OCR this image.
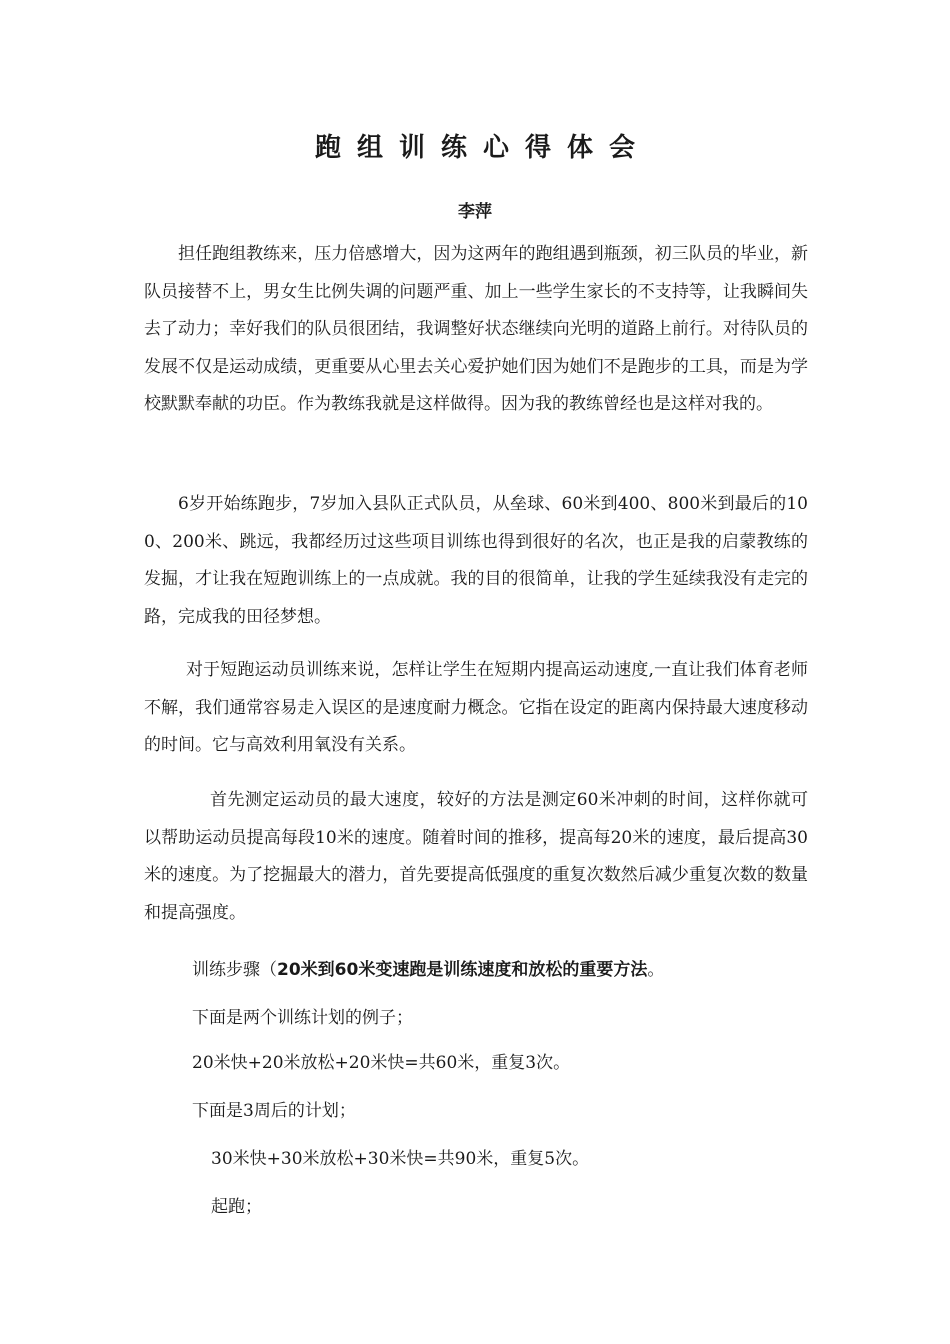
跑组训练心得体会
李萍
担任跑组教练来，压力倍感增大，因为这两年的跑组遇到瓶颈，初三队员的毕业，新队员接替不上，男女生比例失调的问题严重、加上一些学生家长的不支持等，让我瞬间失去了动力；幸好我们的队员很团结，我调整好状态继续向光明的道路上前行。对待队员的发展不仅是运动成绩，更重要从心里去关心爱护她们因为她们不是跑步的工具，而是为学校默默奉献的功臣。作为教练我就是这样做得。因为我的教练曾经也是这样对我的。
6岁开始练跑步，7岁加入县队正式队员，从垒球、60米到400、800米到最后的100、200米、跳远，我都经历过这些项目训练也得到很好的名次，也正是我的启蒙教练的发掘，才让我在短跑训练上的一点成就。我的目的很简单，让我的学生延续我没有走完的路，完成我的田径梦想。
对于短跑运动员训练来说，怎样让学生在短期内提高运动速度,一直让我们体育老师不解，我们通常容易走入误区的是速度耐力概念。它指在设定的距离内保持最大速度移动的时间。它与高效利用氧没有关系。
首先测定运动员的最大速度，较好的方法是测定60米冲刺的时间，这样你就可以帮助运动员提高每段10米的速度。随着时间的推移，提高每20米的速度，最后提高30米的速度。为了挖掘最大的潜力，首先要提高低强度的重复次数然后减少重复次数的数量和提高强度。
训练步骤（20米到60米变速跑是训练速度和放松的重要方法。
下面是两个训练计划的例子；
20米快+20米放松+20米快=共60米，重复3次。
下面是3周后的计划；
30米快+30米放松+30米快=共90米，重复5次。
起跑；
